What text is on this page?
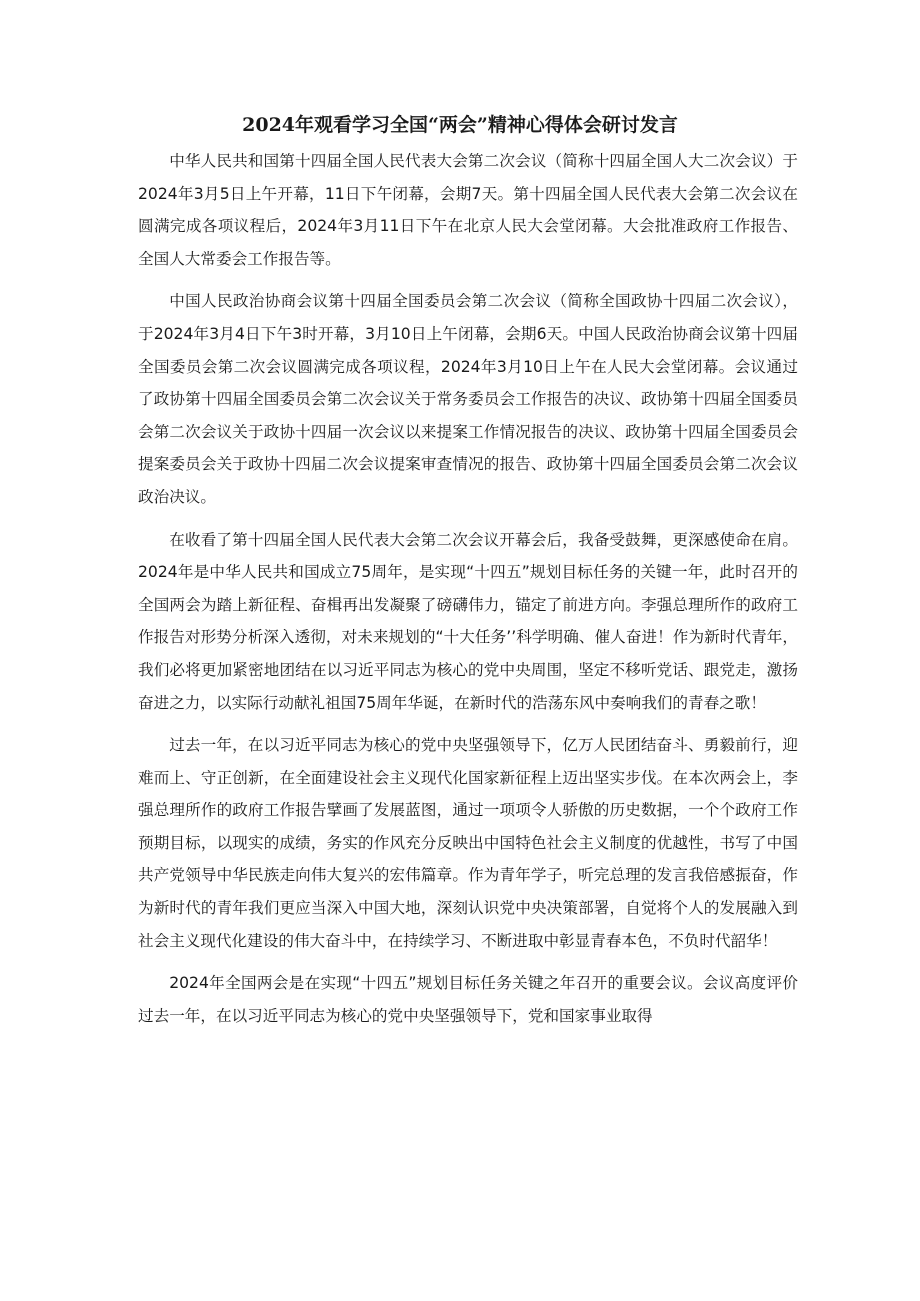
2024年观看学习全国“两会”精神心得体会研讨发言

中华人民共和国第十四届全国人民代表大会第二次会议（简称十四届全国人大二次会议）于2024年3月5日上午开幕，11日下午闭幕，会期7天。第十四届全国人民代表大会第二次会议在圆满完成各项议程后，2024年3月11日下午在北京人民大会堂闭幕。大会批准政府工作报告、全国人大常委会工作报告等。

中国人民政治协商会议第十四届全国委员会第二次会议（简称全国政协十四届二次会议），于2024年3月4日下午3时开幕，3月10日上午闭幕，会期6天。中国人民政治协商会议第十四届全国委员会第二次会议圆满完成各项议程，2024年3月10日上午在人民大会堂闭幕。会议通过了政协第十四届全国委员会第二次会议关于常务委员会工作报告的决议、政协第十四届全国委员会第二次会议关于政协十四届一次会议以来提案工作情况报告的决议、政协第十四届全国委员会提案委员会关于政协十四届二次会议提案审查情况的报告、政协第十四届全国委员会第二次会议政治决议。

在收看了第十四届全国人民代表大会第二次会议开幕会后，我备受鼓舞，更深感使命在肩。2024年是中华人民共和国成立75周年，是实现“十四五”规划目标任务的关键一年，此时召开的全国两会为踏上新征程、奋楫再出发凝聚了磅礴伟力，锚定了前进方向。李强总理所作的政府工作报告对形势分析深入透彻，对未来规划的“十大任务’’科学明确、催人奋进！作为新时代青年，我们必将更加紧密地团结在以习近平同志为核心的党中央周围，坚定不移听党话、跟党走，激扬奋进之力，以实际行动献礼祖国75周年华诞，在新时代的浩荡东风中奏响我们的青春之歌！

过去一年，在以习近平同志为核心的党中央坚强领导下，亿万人民团结奋斗、勇毅前行，迎难而上、守正创新，在全面建设社会主义现代化国家新征程上迈出坚实步伐。在本次两会上，李强总理所作的政府工作报告擘画了发展蓝图，通过一项项令人骄傲的历史数据，一个个政府工作预期目标，以现实的成绩，务实的作风充分反映出中国特色社会主义制度的优越性，书写了中国共产党领导中华民族走向伟大复兴的宏伟篇章。作为青年学子，听完总理的发言我倍感振奋，作为新时代的青年我们更应当深入中国大地，深刻认识党中央决策部署，自觉将个人的发展融入到社会主义现代化建设的伟大奋斗中，在持续学习、不断进取中彰显青春本色，不负时代韶华！

2024年全国两会是在实现“十四五”规划目标任务关键之年召开的重要会议。会议高度评价过去一年，在以习近平同志为核心的党中央坚强领导下，党和国家事业取得
